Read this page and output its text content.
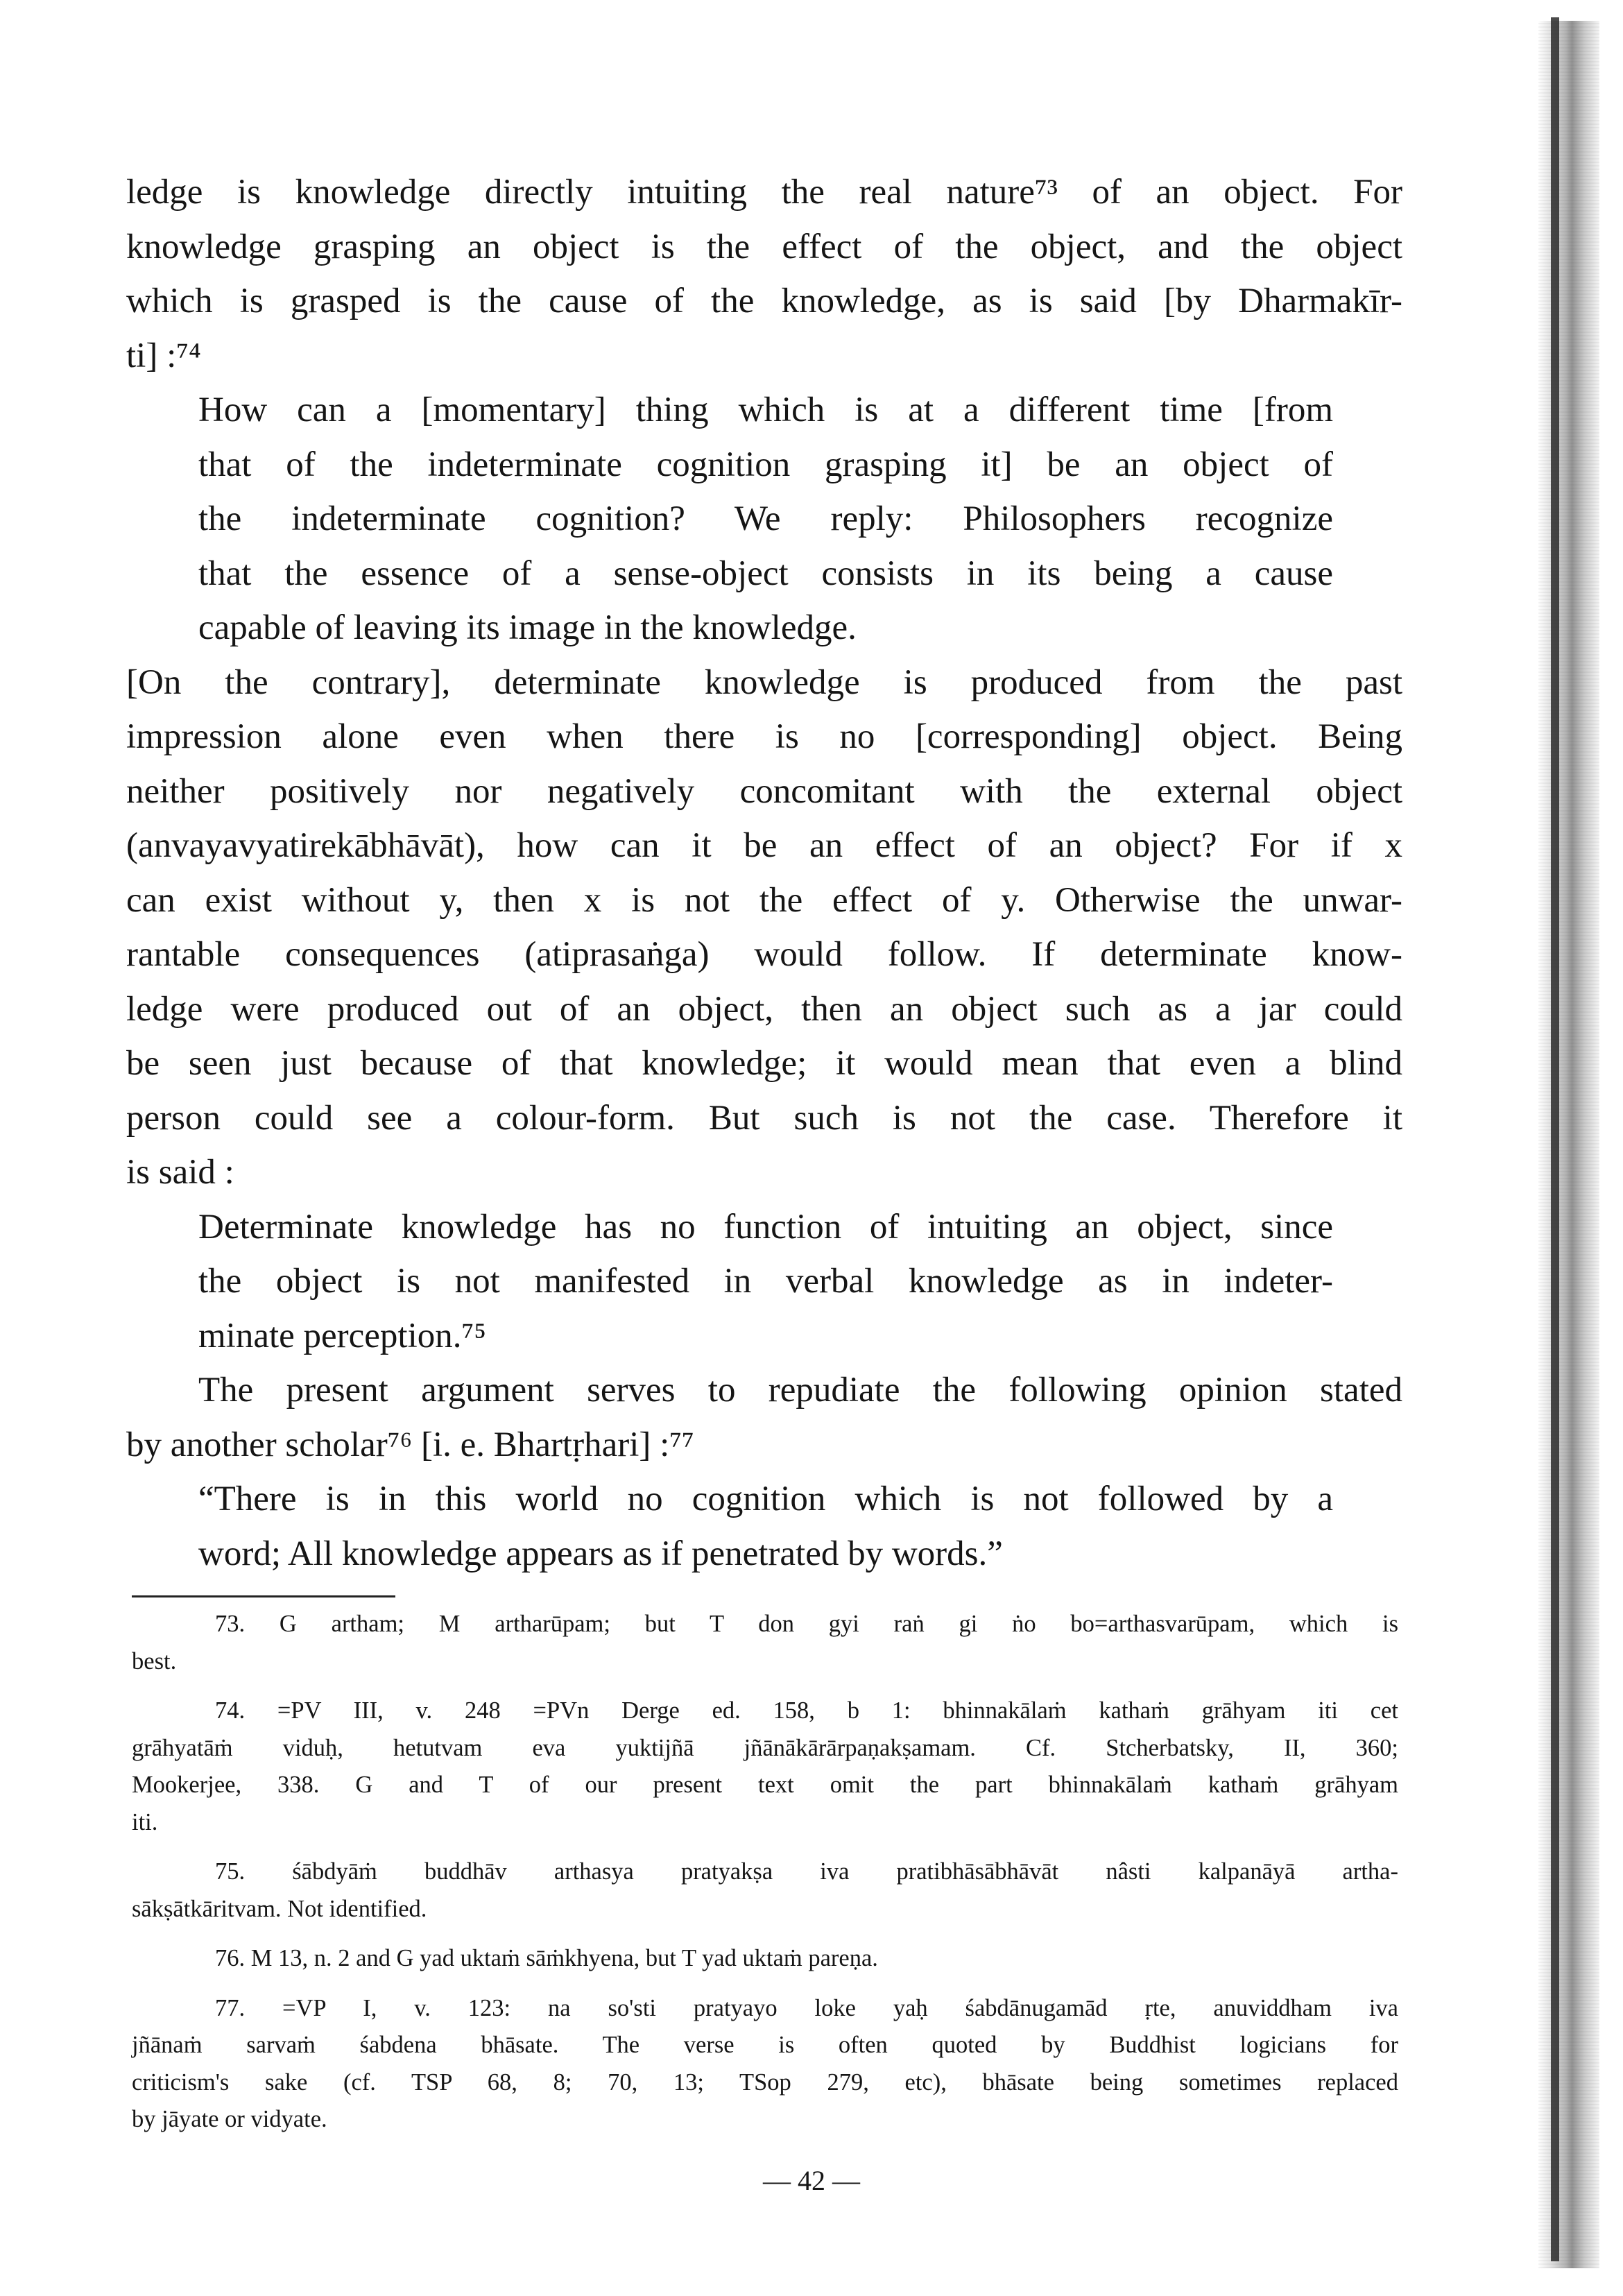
ledge is knowledge directly intuiting the real nature⁷³ of an object. For
knowledge grasping an object is the effect of the object, and the object
which is grasped is the cause of the knowledge, as is said [by Dharmakīr-
ti] :⁷⁴
How can a [momentary] thing which is at a different time [from
that of the indeterminate cognition grasping it] be an object of
the indeterminate cognition? We reply: Philosophers recognize
that the essence of a sense-object consists in its being a cause
capable of leaving its image in the knowledge.
[On the contrary], determinate knowledge is produced from the past
impression alone even when there is no [corresponding] object. Being
neither positively nor negatively concomitant with the external object
(anvayavyatirekābhāvāt), how can it be an effect of an object? For if x
can exist without y, then x is not the effect of y. Otherwise the unwar-
rantable consequences (atiprasaṅga) would follow. If determinate know-
ledge were produced out of an object, then an object such as a jar could
be seen just because of that knowledge; it would mean that even a blind
person could see a colour-form. But such is not the case. Therefore it
is said :
Determinate knowledge has no function of intuiting an object, since
the object is not manifested in verbal knowledge as in indeter-
minate perception.⁷⁵
The present argument serves to repudiate the following opinion stated
by another scholar⁷⁶ [i. e. Bhartṛhari] :⁷⁷
“There is in this world no cognition which is not followed by a
word; All knowledge appears as if penetrated by words.”
73. G artham; M artharūpam; but T don gyi raṅ gi ṅo bo=arthasvarūpam, which is
best.
74. =PV III, v. 248 =PVn Derge ed. 158, b 1: bhinnakālaṁ kathaṁ grāhyam iti cet
grāhyatāṁ viduḥ, hetutvam eva yuktijñā jñānākārārpaṇakṣamam. Cf. Stcherbatsky, II, 360;
Mookerjee, 338. G and T of our present text omit the part bhinnakālaṁ kathaṁ grāhyam
iti.
75. śābdyāṁ buddhāv arthasya pratyakṣa iva pratibhāsābhāvāt nâsti kalpanāyā artha-
sākṣātkāritvam. Not identified.
76. M 13, n. 2 and G yad uktaṁ sāṁkhyena, but T yad uktaṁ pareṇa.
77. =VP I, v. 123: na so'sti pratyayo loke yaḥ śabdānugamād ṛte, anuviddham iva
jñānaṁ sarvaṁ śabdena bhāsate. The verse is often quoted by Buddhist logicians for
criticism's sake (cf. TSP 68, 8; 70, 13; TSop 279, etc), bhāsate being sometimes replaced
by jāyate or vidyate.
— 42 —
